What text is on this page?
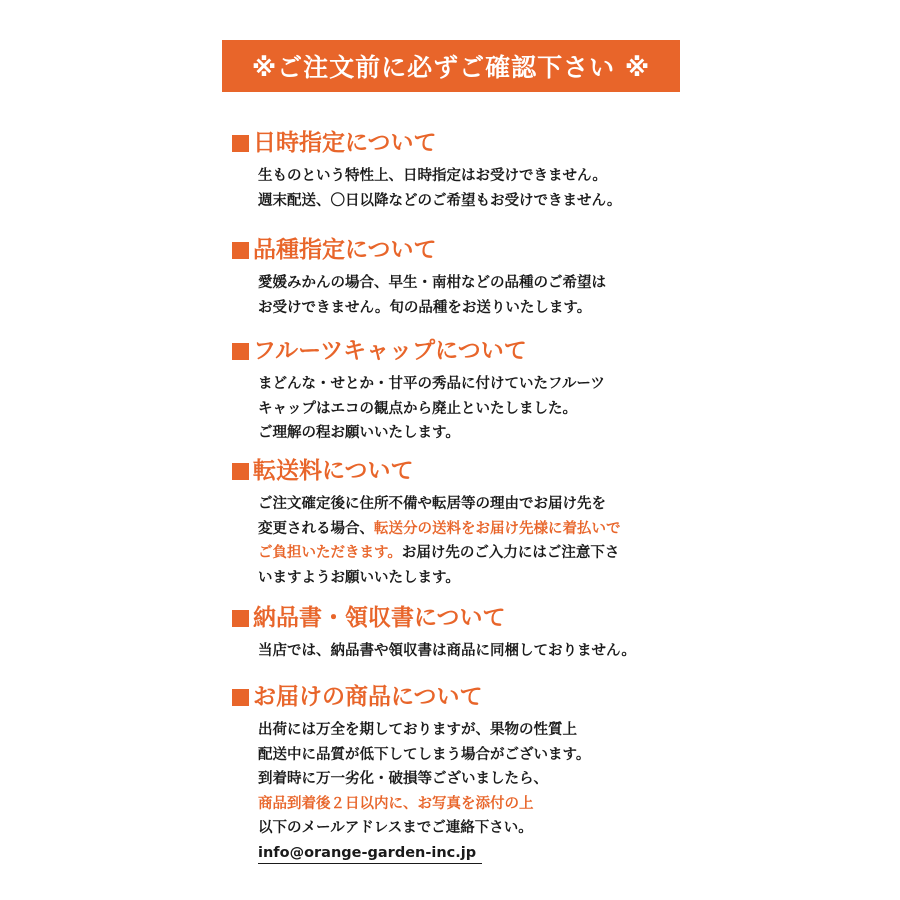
※ご注文前に必ずご確認下さい ※
日時指定について
生ものという特性上、日時指定はお受けできません。
週末配送、〇日以降などのご希望もお受けできません。
品種指定について
愛媛みかんの場合、早生・南柑などの品種のご希望は
お受けできません。旬の品種をお送りいたします。
フルーツキャップについて
まどんな・せとか・甘平の秀品に付けていたフルーツ
キャップはエコの観点から廃止といたしました。
ご理解の程お願いいたします。
転送料について
ご注文確定後に住所不備や転居等の理由でお届け先を
変更される場合、転送分の送料をお届け先様に着払いで
ご負担いただきます。お届け先のご入力にはご注意下さ
いますようお願いいたします。
納品書・領収書について
当店では、納品書や領収書は商品に同梱しておりません。
お届けの商品について
出荷には万全を期しておりますが、果物の性質上
配送中に品質が低下してしまう場合がございます。
到着時に万一劣化・破損等ございましたら、
商品到着後２日以内に、お写真を添付の上
以下のメールアドレスまでご連絡下さい。
info@orange-garden-inc.jp
